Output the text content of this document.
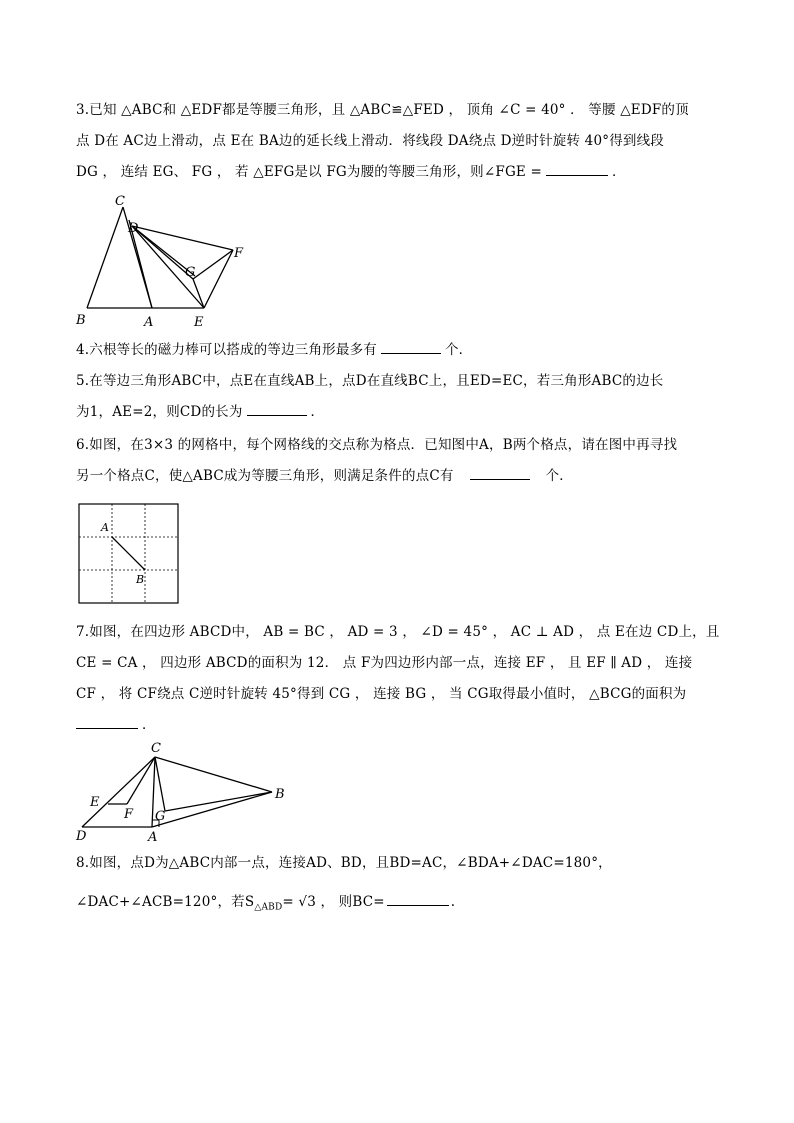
3.已知 △ABC和 △EDF都是等腰三角形，且 △ABC≌△FED ， 顶角 ∠C = 40° ． 等腰 △EDF的顶
点 D在 AC边上滑动，点 E在 BA边的延长线上滑动．将线段 DA绕点 D逆时针旋转 40°得到线段
DG ， 连结 EG、 FG ， 若 △EFG是以 FG为腰的等腰三角形，则∠FGE =	．
C
D
F
G
B	A	E
4.六根等长的磁力棒可以搭成的等边三角形最多有	个．
5.在等边三角形ABC中，点E在直线AB上，点D在直线BC上，且ED=EC，若三角形ABC的边长
为1，AE=2，则CD的长为	．
6.如图，在3×3 的网格中，每个网格线的交点称为格点．已知图中A，B两个格点，请在图中再寻找
另一个格点C，使△ABC成为等腰三角形，则满足条件的点C有	个．
A
B
7.如图，在四边形 ABCD中， AB = BC ， AD = 3 ， ∠D = 45° ， AC ⊥ AD ， 点 E在边 CD上，且
CE = CA ， 四边形 ABCD的面积为 12． 点 F为四边形内部一点，连接 EF ， 且 EF ∥ AD ， 连接
CF ， 将 CF绕点 C逆时针旋转 45°得到 CG ， 连接 BG ， 当 CG取得最小值时， △BCG的面积为
．
C
B
E
F G
D	A
8.如图，点D为△ABC内部一点，连接AD、BD，且BD=AC，∠BDA+∠DAC=180°，
∠DAC+∠ACB=120°，若$S_{\triangle ABD}= √3$ ， 则BC=	.
